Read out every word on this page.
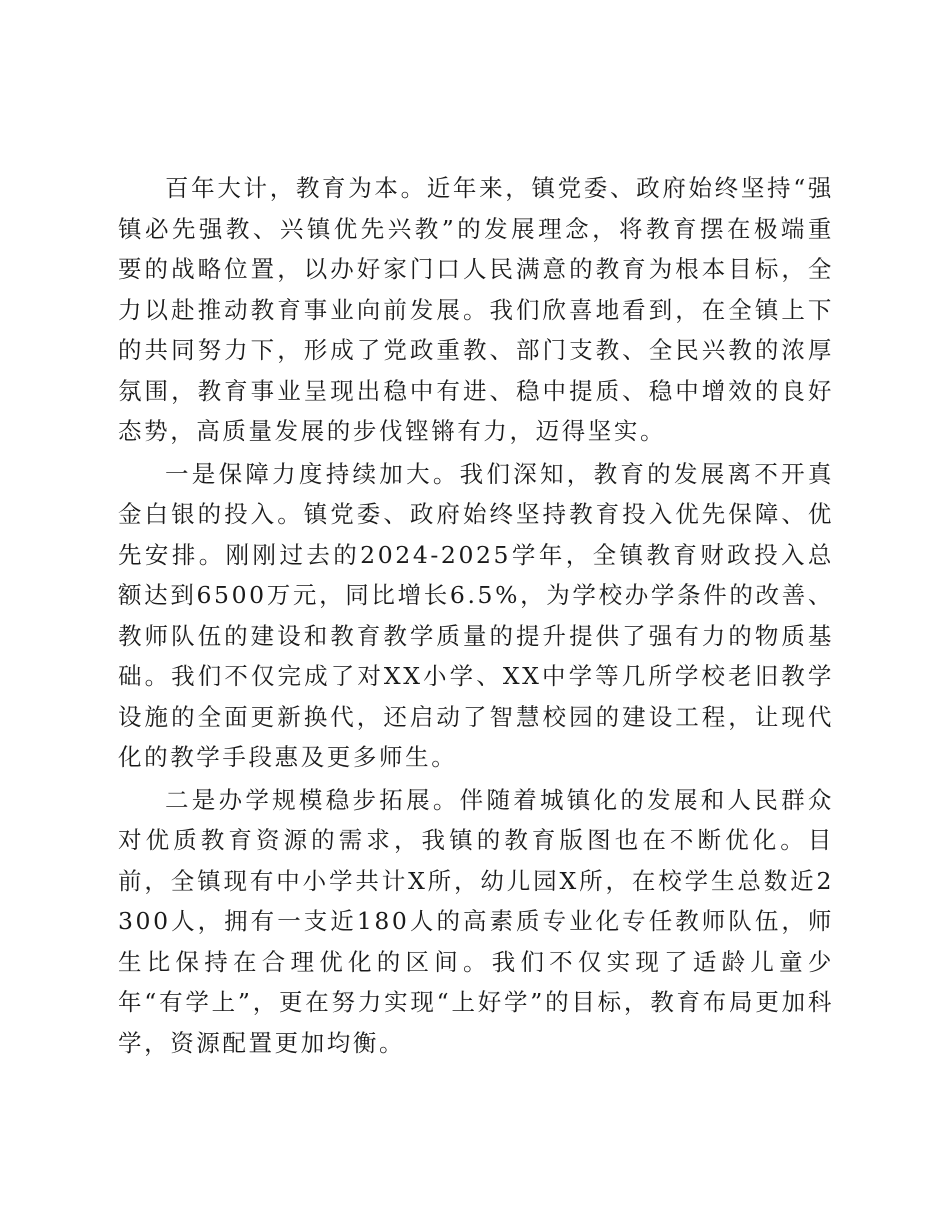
百年大计，教育为本。近年来，镇党委、政府始终坚持“强镇必先强教、兴镇优先兴教”的发展理念，将教育摆在极端重要的战略位置，以办好家门口人民满意的教育为根本目标，全力以赴推动教育事业向前发展。我们欣喜地看到，在全镇上下的共同努力下，形成了党政重教、部门支教、全民兴教的浓厚氛围，教育事业呈现出稳中有进、稳中提质、稳中增效的良好态势，高质量发展的步伐铿锵有力，迈得坚实。

一是保障力度持续加大。我们深知，教育的发展离不开真金白银的投入。镇党委、政府始终坚持教育投入优先保障、优先安排。刚刚过去的2024-2025学年，全镇教育财政投入总额达到6500万元，同比增长6.5%，为学校办学条件的改善、教师队伍的建设和教育教学质量的提升提供了强有力的物质基础。我们不仅完成了对XX小学、XX中学等几所学校老旧教学设施的全面更新换代，还启动了智慧校园的建设工程，让现代化的教学手段惠及更多师生。

二是办学规模稳步拓展。伴随着城镇化的发展和人民群众对优质教育资源的需求，我镇的教育版图也在不断优化。目前，全镇现有中小学共计X所，幼儿园X所，在校学生总数近2300人，拥有一支近180人的高素质专业化专任教师队伍，师生比保持在合理优化的区间。我们不仅实现了适龄儿童少年“有学上”，更在努力实现“上好学”的目标，教育布局更加科学，资源配置更加均衡。
